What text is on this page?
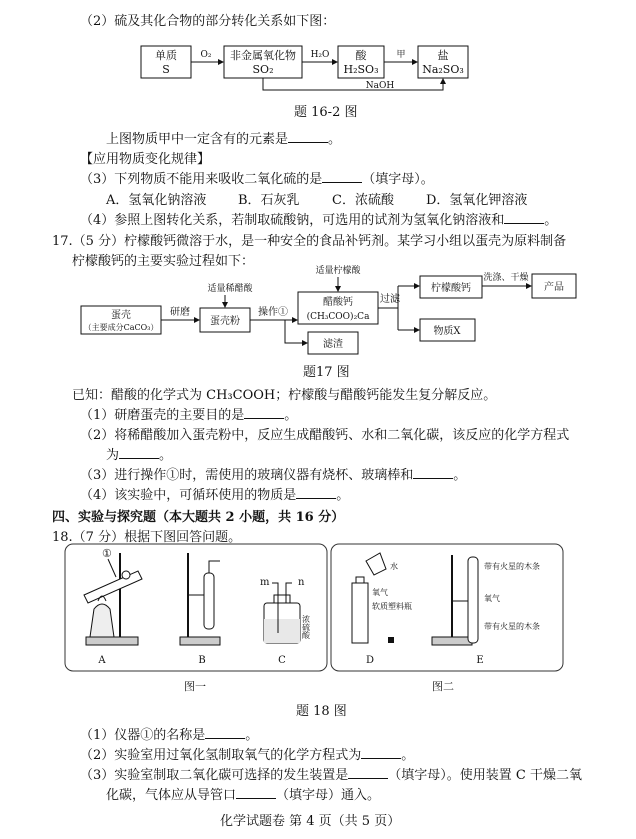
（2）硫及其化合物的部分转化关系如下图：
单质
S
非金属氧化物
SO₂
酸
H₂SO₃
盐
Na₂SO₃
O₂	H₂O	甲
NaOH
题 16-2 图
上图物质甲中一定含有的元素是	。
【应用物质变化规律】
（3）下列物质不能用来吸收二氧化硫的是	（填字母）。
A．氢氧化钠溶液 B．石灰乳 C．浓硫酸 D．氢氧化钾溶液
（4）参照上图转化关系，若制取硫酸钠，可选用的试剂为氢氧化钠溶液和	。
17.（5 分）柠檬酸钙微溶于水，是一种安全的食品补钙剂。某学习小组以蛋壳为原料制备
柠檬酸钙的主要实验过程如下：
蛋壳
（主要成分CaCO₃）
研磨
蛋壳粉
适量稀醋酸
操作①
醋酸钙
(CH₃COO)₂Ca
滤渣
适量柠檬酸
过滤
柠檬酸钙
物质X
洗涤、干燥
产品
题17 图
已知：醋酸的化学式为 CH₃COOH；柠檬酸与醋酸钙能发生复分解反应。
（1）研磨蛋壳的主要目的是	。
（2）将稀醋酸加入蛋壳粉中，反应生成醋酸钙、水和二氧化碳，该反应的化学方程式
为	。
（3）进行操作①时，需使用的玻璃仪器有烧杯、玻璃棒和	。
（4）该实验中，可循环使用的物质是	。
四、实验与探究题（本大题共 2 小题，共 16 分）
18.（7 分）根据下图回答问题。
①
A	B
m	n
浓硫酸
C
水
氧气
软质塑料瓶
D
带有火星的木条
氧气
带有火星的木条
E
图一	图二
题 18 图
（1）仪器①的名称是	。
（2）实验室用过氧化氢制取氧气的化学方程式为	。
（3）实验室制取二氧化碳可选择的发生装置是	（填字母）。使用装置 C 干燥二氧
化碳，气体应从导管口	（填字母）通入。
化学试题卷 第 4 页（共 5 页）
